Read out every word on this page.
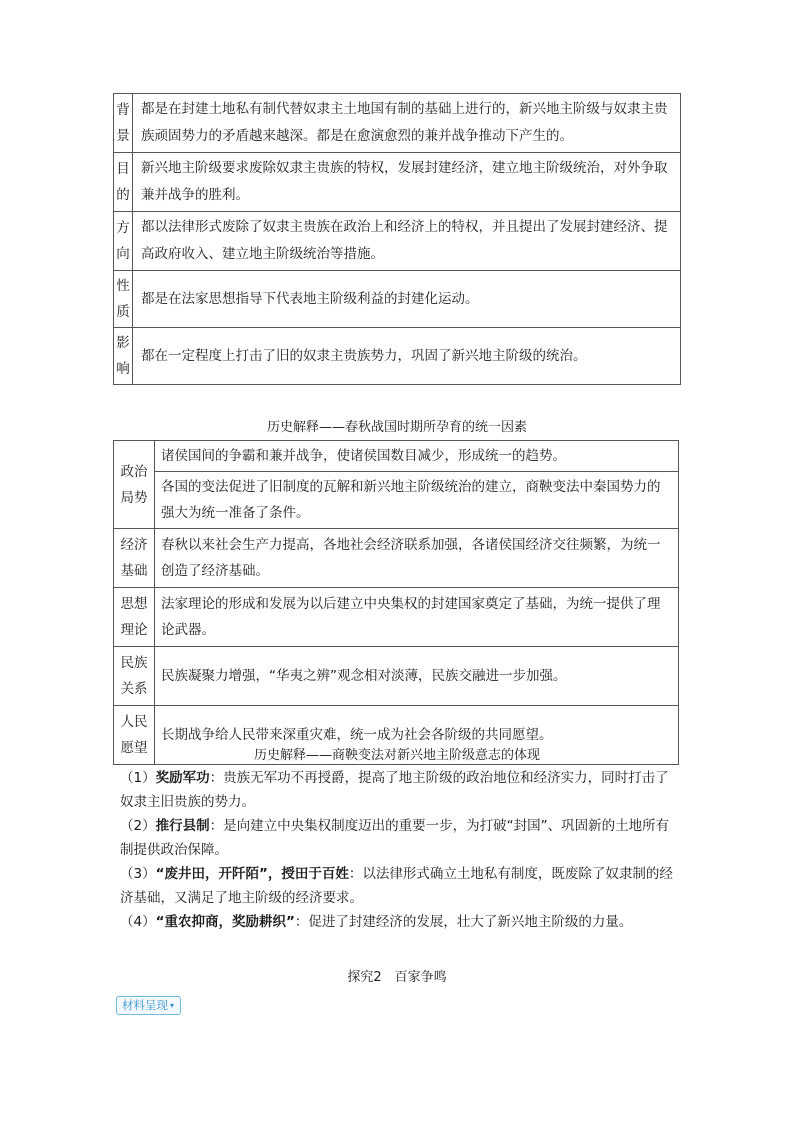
背景	都是在封建土地私有制代替奴隶主土地国有制的基础上进行的，新兴地主阶级与奴隶主贵族顽固势力的矛盾越来越深。都是在愈演愈烈的兼并战争推动下产生的。
目的	新兴地主阶级要求废除奴隶主贵族的特权，发展封建经济，建立地主阶级统治，对外争取兼并战争的胜利。
方向	都以法律形式废除了奴隶主贵族在政治上和经济上的特权，并且提出了发展封建经济、提高政府收入、建立地主阶级统治等措施。
性质	都是在法家思想指导下代表地主阶级利益的封建化运动。
影响	都在一定程度上打击了旧的奴隶主贵族势力，巩固了新兴地主阶级的统治。
历史解释——春秋战国时期所孕育的统一因素
政治局势	诸侯国间的争霸和兼并战争，使诸侯国数目减少，形成统一的趋势。
	各国的变法促进了旧制度的瓦解和新兴地主阶级统治的建立，商鞅变法中秦国势力的强大为统一准备了条件。
经济基础	春秋以来社会生产力提高，各地社会经济联系加强，各诸侯国经济交往频繁，为统一创造了经济基础。
思想理论	法家理论的形成和发展为以后建立中央集权的封建国家奠定了基础，为统一提供了理论武器。
民族关系	民族凝聚力增强，“华夷之辨”观念相对淡薄，民族交融进一步加强。
人民愿望	长期战争给人民带来深重灾难，统一成为社会各阶级的共同愿望。
历史解释——商鞅变法对新兴地主阶级意志的体现

（1）奖励军功：贵族无军功不再授爵，提高了地主阶级的政治地位和经济实力，同时打击了奴隶主旧贵族的势力。

（2）推行县制：是向建立中央集权制度迈出的重要一步，为打破“封国”、巩固新的土地所有制提供政治保障。

（3）“废井田，开阡陌”，授田于百姓：以法律形式确立土地私有制度，既废除了奴隶制的经济基础，又满足了地主阶级的经济要求。

（4）“重农抑商，奖励耕织”：促进了封建经济的发展，壮大了新兴地主阶级的力量。

探究2　百家争鸣
材料呈现 ▾
